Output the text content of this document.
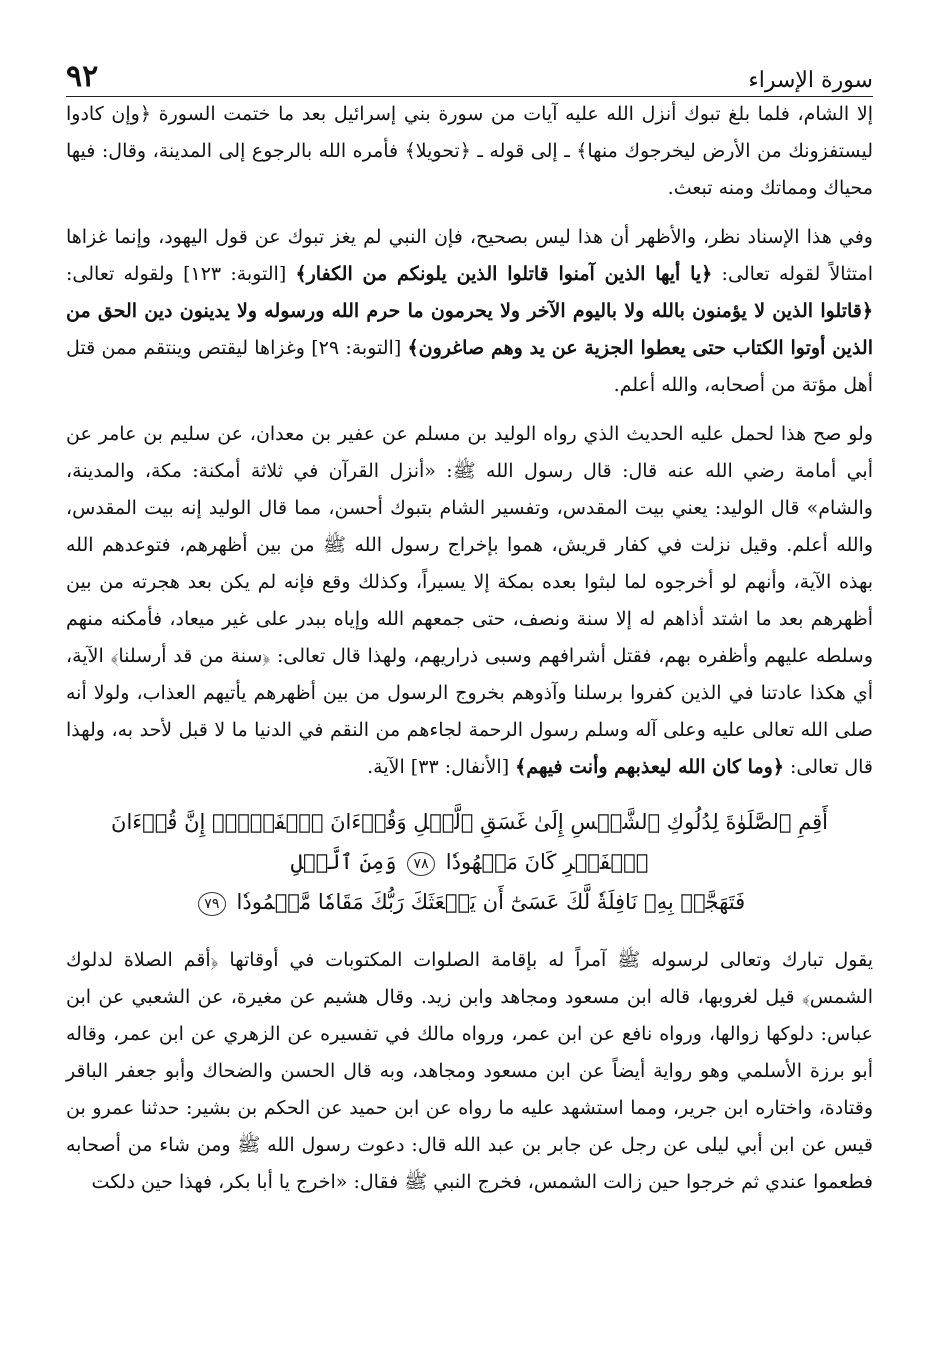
سورة الإسراء
٩٢

إلا الشام، فلما بلغ تبوك أنزل الله عليه آيات من سورة بني إسرائيل بعد ما ختمت السورة ﴿وإن كادوا ليستفزونك من الأرض ليخرجوك منها﴾ ـ إلى قوله ـ ﴿تحويلا﴾ فأمره الله بالرجوع إلى المدينة، وقال: فيها محياك ومماتك ومنه تبعث.

وفي هذا الإسناد نظر، والأظهر أن هذا ليس بصحيح، فإن النبي لم يغز تبوك عن قول اليهود، وإنما غزاها امتثالاً لقوله تعالى: ﴿يا أيها الذين آمنوا قاتلوا الذين يلونكم من الكفار﴾ [التوبة: ١٢٣] ولقوله تعالى: ﴿قاتلوا الذين لا يؤمنون بالله ولا باليوم الآخر ولا يحرمون ما حرم الله ورسوله ولا يدينون دين الحق من الذين أوتوا الكتاب حتى يعطوا الجزية عن يد وهم صاغرون﴾ [التوبة: ٢٩] وغزاها ليقتص وينتقم ممن قتل أهل مؤتة من أصحابه، والله أعلم.

ولو صح هذا لحمل عليه الحديث الذي رواه الوليد بن مسلم عن عفير بن معدان، عن سليم بن عامر عن أبي أمامة رضي الله عنه قال: قال رسول الله ﷺ: «أنزل القرآن في ثلاثة أمكنة: مكة، والمدينة، والشام» قال الوليد: يعني بيت المقدس، وتفسير الشام بتبوك أحسن، مما قال الوليد إنه بيت المقدس، والله أعلم. وقيل نزلت في كفار قريش، هموا بإخراج رسول الله ﷺ من بين أظهرهم، فتوعدهم الله بهذه الآية، وأنهم لو أخرجوه لما لبثوا بعده بمكة إلا يسيراً، وكذلك وقع فإنه لم يكن بعد هجرته من بين أظهرهم بعد ما اشتد أذاهم له إلا سنة ونصف، حتى جمعهم الله وإياه ببدر على غير ميعاد، فأمكنه منهم وسلطه عليهم وأظفره بهم، فقتل أشرافهم وسبى ذراريهم، ولهذا قال تعالى: ﴿سنة من قد أرسلنا﴾ الآية، أي هكذا عادتنا في الذين كفروا برسلنا وآذوهم بخروج الرسول من بين أظهرهم يأتيهم العذاب، ولولا أنه صلى الله تعالى عليه وعلى آله وسلم رسول الرحمة لجاءهم من النقم في الدنيا ما لا قبل لأحد به، ولهذا قال تعالى: ﴿وما كان الله ليعذبهم وأنت فيهم﴾ [الأنفال: ٣٣] الآية.

أَقِمِ ٱلصَّلَوٰةَ لِدُلُوكِ ٱلشَّمۡسِ إِلَىٰ غَسَقِ ٱلَّيۡلِ وَقُرۡءَانَ ٱلۡفَجۡرِۖ إِنَّ قُرۡءَانَ ٱلۡفَجۡرِ كَانَ مَشۡهُودٗا ٧٨ وَمِنَ ٱلَّيۡلِ
فَتَهَجَّدۡ بِهِۦ نَافِلَةٗ لَّكَ عَسَىٰٓ أَن يَبۡعَثَكَ رَبُّكَ مَقَامٗا مَّحۡمُودٗا ٧٩

يقول تبارك وتعالى لرسوله ﷺ آمراً له بإقامة الصلوات المكتوبات في أوقاتها ﴿أقم الصلاة لدلوك الشمس﴾ قيل لغروبها، قاله ابن مسعود ومجاهد وابن زيد. وقال هشيم عن مغيرة، عن الشعبي عن ابن عباس: دلوكها زوالها، ورواه نافع عن ابن عمر، ورواه مالك في تفسيره عن الزهري عن ابن عمر، وقاله أبو برزة الأسلمي وهو رواية أيضاً عن ابن مسعود ومجاهد، وبه قال الحسن والضحاك وأبو جعفر الباقر وقتادة، واختاره ابن جرير، ومما استشهد عليه ما رواه عن ابن حميد عن الحكم بن بشير: حدثنا عمرو بن قيس عن ابن أبي ليلى عن رجل عن جابر بن عبد الله قال: دعوت رسول الله ﷺ ومن شاء من أصحابه فطعموا عندي ثم خرجوا حين زالت الشمس، فخرج النبي ﷺ فقال: «اخرج يا أبا بكر، فهذا حين دلكت
